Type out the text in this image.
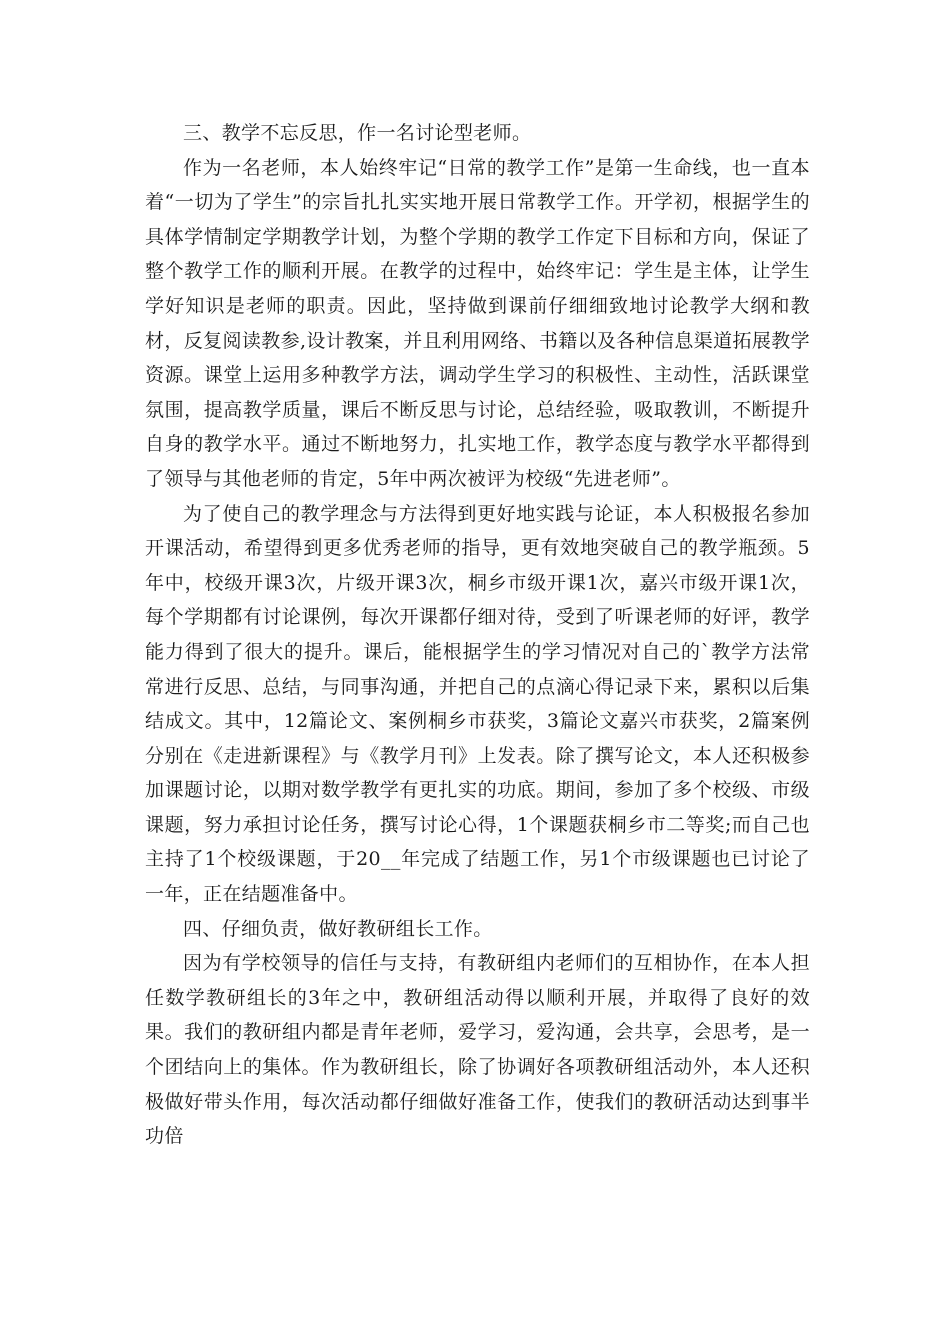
三、教学不忘反思，作一名讨论型老师。

作为一名老师，本人始终牢记“日常的教学工作”是第一生命线，也一直本着“一切为了学生”的宗旨扎扎实实地开展日常教学工作。开学初，根据学生的具体学情制定学期教学计划，为整个学期的教学工作定下目标和方向，保证了整个教学工作的顺利开展。在教学的过程中，始终牢记：学生是主体，让学生学好知识是老师的职责。因此，坚持做到课前仔细细致地讨论教学大纲和教材，反复阅读教参,设计教案，并且利用网络、书籍以及各种信息渠道拓展教学资源。课堂上运用多种教学方法，调动学生学习的积极性、主动性，活跃课堂氛围，提高教学质量，课后不断反思与讨论，总结经验，吸取教训，不断提升自身的教学水平。通过不断地努力，扎实地工作，教学态度与教学水平都得到了领导与其他老师的肯定，5年中两次被评为校级“先进老师”。

为了使自己的教学理念与方法得到更好地实践与论证，本人积极报名参加开课活动，希望得到更多优秀老师的指导，更有效地突破自己的教学瓶颈。5年中，校级开课3次，片级开课3次，桐乡市级开课1次，嘉兴市级开课1次，每个学期都有讨论课例，每次开课都仔细对待，受到了听课老师的好评，教学能力得到了很大的提升。课后，能根据学生的学习情况对自己的`教学方法常常进行反思、总结，与同事沟通，并把自己的点滴心得记录下来，累积以后集结成文。其中，12篇论文、案例桐乡市获奖，3篇论文嘉兴市获奖，2篇案例分别在《走进新课程》与《教学月刊》上发表。除了撰写论文，本人还积极参加课题讨论，以期对数学教学有更扎实的功底。期间，参加了多个校级、市级课题，努力承担讨论任务，撰写讨论心得，1个课题获桐乡市二等奖;而自己也主持了1个校级课题，于20__年完成了结题工作，另1个市级课题也已讨论了一年，正在结题准备中。

四、仔细负责，做好教研组长工作。

因为有学校领导的信任与支持，有教研组内老师们的互相协作，在本人担任数学教研组长的3年之中，教研组活动得以顺利开展，并取得了良好的效果。我们的教研组内都是青年老师，爱学习，爱沟通，会共享，会思考，是一个团结向上的集体。作为教研组长，除了协调好各项教研组活动外，本人还积极做好带头作用，每次活动都仔细做好准备工作，使我们的教研活动达到事半功倍
